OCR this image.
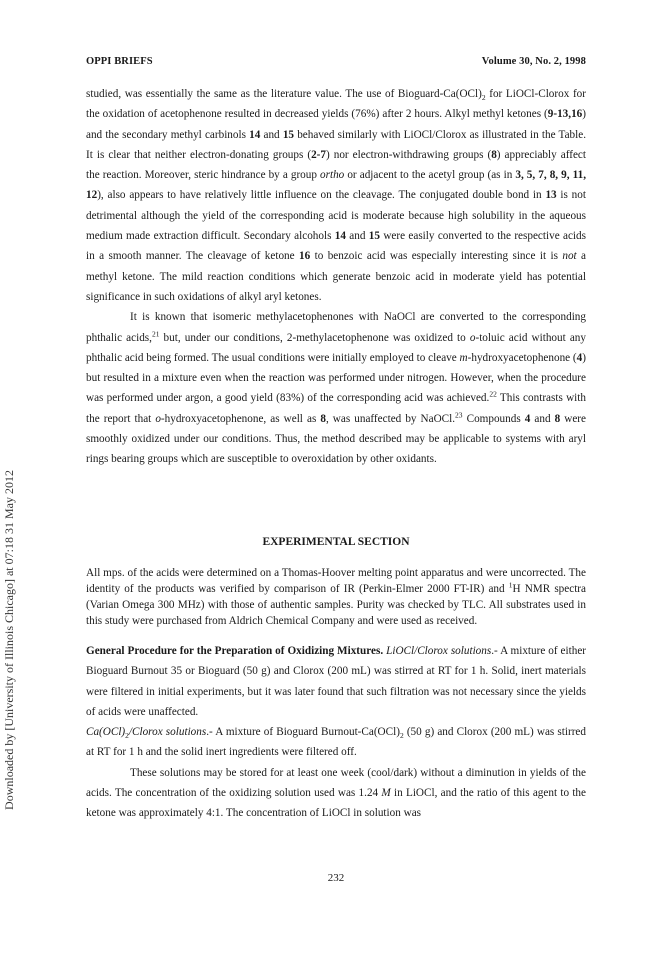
OPPI BRIEFS	Volume 30, No. 2, 1998
Downloaded by [University of Illinois Chicago] at 07:18 31 May 2012

studied, was essentially the same as the literature value. The use of Bioguard-$Ca(OCl)_2$ for LiOCl-Clorox for the oxidation of acetophenone resulted in decreased yields (76%) after 2 hours. Alkyl methyl ketones (9-13,16) and the secondary methyl carbinols 14 and 15 behaved similarly with LiOCl/Clorox as illustrated in the Table. It is clear that neither electron-donating groups (2-7) nor electron-withdrawing groups (8) appreciably affect the reaction. Moreover, steric hindrance by a group ortho or adjacent to the acetyl group (as in 3, 5, 7, 8, 9, 11, 12), also appears to have relatively little influence on the cleavage. The conjugated double bond in 13 is not detrimental although the yield of the corresponding acid is moderate because high solubility in the aqueous medium made extraction difficult. Secondary alcohols 14 and 15 were easily converted to the respective acids in a smooth manner. The cleavage of ketone 16 to benzoic acid was especially interesting since it is not a methyl ketone. The mild reaction conditions which generate benzoic acid in moderate yield has potential significance in such oxidations of alkyl aryl ketones.

It is known that isomeric methylacetophenones with NaOCl are converted to the corresponding phthalic acids,$^{21}$ but, under our conditions, 2-methylacetophenone was oxidized to o-toluic acid without any phthalic acid being formed. The usual conditions were initially employed to cleave m-hydroxyacetophenone (4) but resulted in a mixture even when the reaction was performed under nitrogen. However, when the procedure was performed under argon, a good yield (83%) of the corresponding acid was achieved.$^{22}$ This contrasts with the report that o-hydroxyacetophenone, as well as 8, was unaffected by NaOCl.$^{23}$ Compounds 4 and 8 were smoothly oxidized under our conditions. Thus, the method described may be applicable to systems with aryl rings bearing groups which are susceptible to overoxidation by other oxidants.

EXPERIMENTAL SECTION

All mps. of the acids were determined on a Thomas-Hoover melting point apparatus and were uncorrected. The identity of the products was verified by comparison of IR (Perkin-Elmer 2000 FT-IR) and $^1$H NMR spectra (Varian Omega 300 MHz) with those of authentic samples. Purity was checked by TLC. All substrates used in this study were purchased from Aldrich Chemical Company and were used as received.

General Procedure for the Preparation of Oxidizing Mixtures. LiOCl/Clorox solutions.- A mixture of either Bioguard Burnout 35 or Bioguard (50 g) and Clorox (200 mL) was stirred at RT for 1 h. Solid, inert materials were filtered in initial experiments, but it was later found that such filtration was not necessary since the yields of acids were unaffected.

$Ca(OCl)_2$/Clorox solutions.- A mixture of Bioguard Burnout-$Ca(OCl)_2$ (50 g) and Clorox (200 mL) was stirred at RT for 1 h and the solid inert ingredients were filtered off.

These solutions may be stored for at least one week (cool/dark) without a diminution in yields of the acids. The concentration of the oxidizing solution used was 1.24 M in LiOCl, and the ratio of this agent to the ketone was approximately 4:1. The concentration of LiOCl in solution was

232
